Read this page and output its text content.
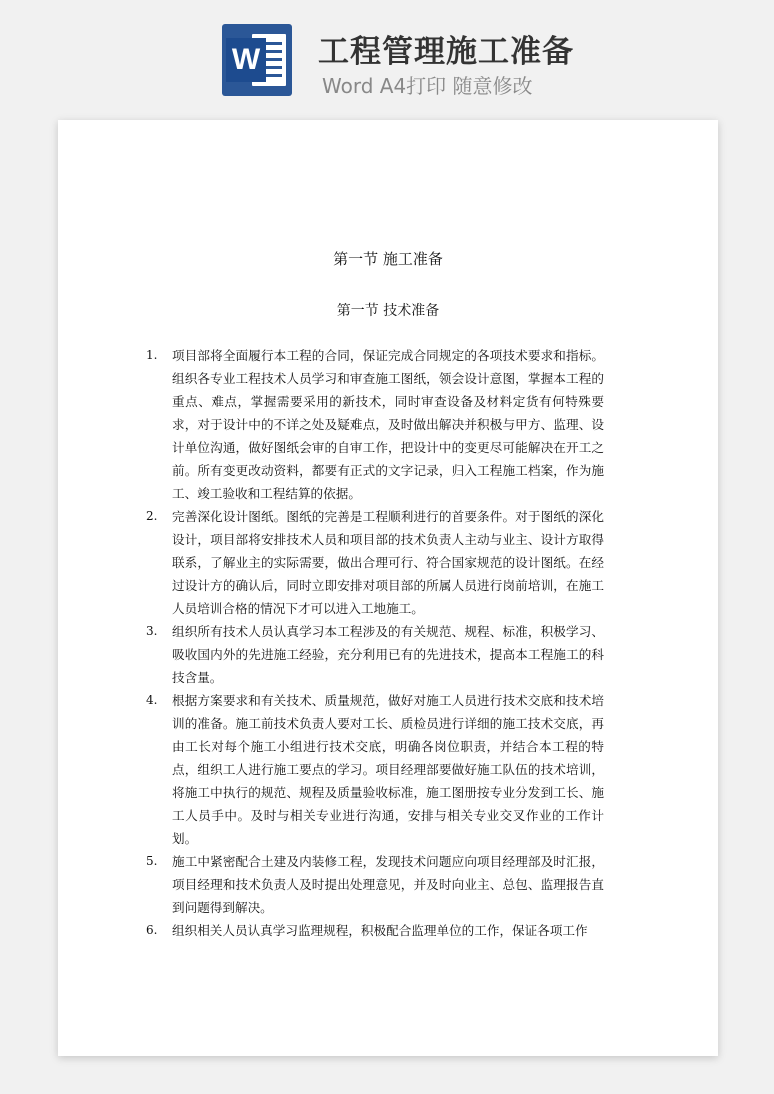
W 工程管理施工准备
Word A4打印 随意修改
第一节 施工准备
第一节 技术准备
1. 项目部将全面履行本工程的合同，保证完成合同规定的各项技术要求和指标。组织各专业工程技术人员学习和审查施工图纸，领会设计意图，掌握本工程的重点、难点，掌握需要采用的新技术，同时审查设备及材料定货有何特殊要求，对于设计中的不详之处及疑难点，及时做出解决并积极与甲方、监理、设计单位沟通，做好图纸会审的自审工作，把设计中的变更尽可能解决在开工之前。所有变更改动资料，都要有正式的文字记录，归入工程施工档案，作为施工、竣工验收和工程结算的依据。
2. 完善深化设计图纸。图纸的完善是工程顺利进行的首要条件。对于图纸的深化设计，项目部将安排技术人员和项目部的技术负责人主动与业主、设计方取得联系，了解业主的实际需要，做出合理可行、符合国家规范的设计图纸。在经过设计方的确认后，同时立即安排对项目部的所属人员进行岗前培训，在施工人员培训合格的情况下才可以进入工地施工。
3. 组织所有技术人员认真学习本工程涉及的有关规范、规程、标准，积极学习、吸收国内外的先进施工经验，充分利用已有的先进技术，提高本工程施工的科技含量。
4. 根据方案要求和有关技术、质量规范，做好对施工人员进行技术交底和技术培训的准备。施工前技术负责人要对工长、质检员进行详细的施工技术交底，再由工长对每个施工小组进行技术交底，明确各岗位职责，并结合本工程的特点，组织工人进行施工要点的学习。项目经理部要做好施工队伍的技术培训，将施工中执行的规范、规程及质量验收标准，施工图册按专业分发到工长、施工人员手中。及时与相关专业进行沟通，安排与相关专业交叉作业的工作计划。
5. 施工中紧密配合土建及内装修工程，发现技术问题应向项目经理部及时汇报，项目经理和技术负责人及时提出处理意见，并及时向业主、总包、监理报告直到问题得到解决。
6. 组织相关人员认真学习监理规程，积极配合监理单位的工作，保证各项工作
